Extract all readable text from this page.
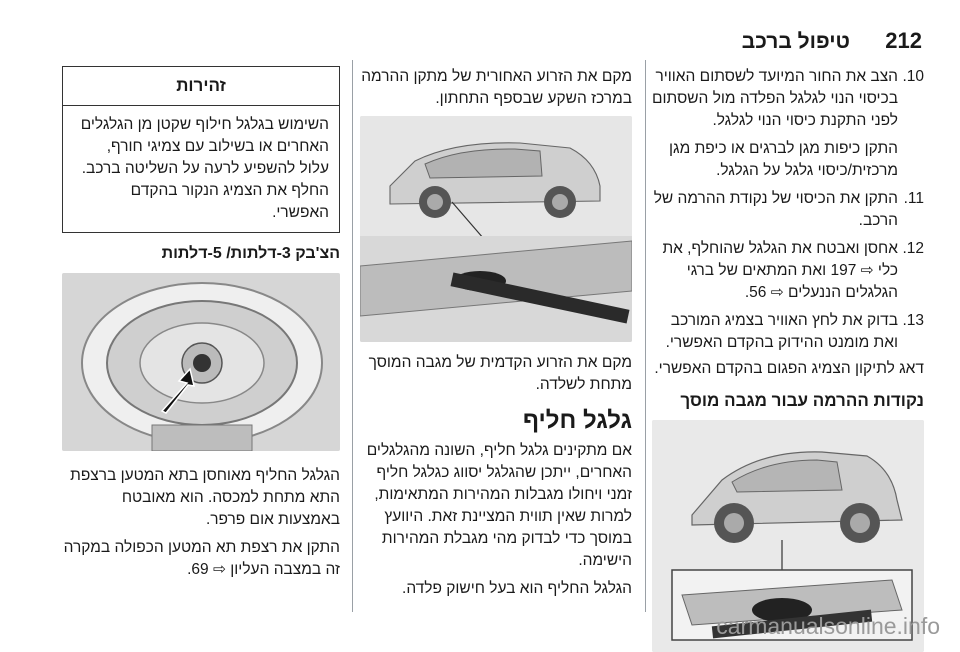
212
טיפול ברכב
10.
הצב את החור המיועד לשסתום האוויר בכיסוי הנוי לגלגל הפלדה מול השסתום לפני התקנת כיסוי הנוי לגלגל.
התקן כיפות מגן לברגים או כיפת מגן מרכזית/כיסוי גלגל על הגלגל.
11.
התקן את הכיסוי של נקודת ההרמה של הרכב.
12.
אחסן ואבטח את הגלגל שהוחלף, את כלי ⇨ 197 ואת המתאים של ברגי הגלגלים הננעלים ⇨ 56.
13.
בדוק את לחץ האוויר בצמיג המורכב ואת מומנט ההידוק בהקדם האפשרי.

דאג לתיקון הצמיג הפגום בהקדם האפשרי.

נקודות ההרמה עבור מגבה מוסך

מקם את הזרוע האחורית של מתקן ההרמה במרכז השקע שבספף התחתון.

מקם את הזרוע הקדמית של מגבה המוסך מתחת לשלדה.

גלגל חליף

אם מתקינים גלגל חליף, השונה מהגלגלים האחרים, ייתכן שהגלגל יסווג כגלגל חליף זמני ויחולו מגבלות המהירות המתאימות, למרות שאין תווית המציינת זאת. היוועץ במוסך כדי לבדוק מהי מגבלת המהירות הישימה.

הגלגל החליף הוא בעל חישוק פלדה.

זהירות
השימוש בגלגל חילוף שקטן מן הגלגלים האחרים או בשילוב עם צמיגי חורף, עלול להשפיע לרעה על השליטה ברכב. החלף את הצמיג הנקור בהקדם האפשרי.
הצ'בק 3-דלתות/ 5-דלתות

הגלגל החליף מאוחסן בתא המטען ברצפת התא מתחת למכסה. הוא מאובטח באמצעות אום פרפר.

התקן את רצפת תא המטען הכפולה במקרה זה במצבה העליון ⇨ 69.

carmanualsonline.info
